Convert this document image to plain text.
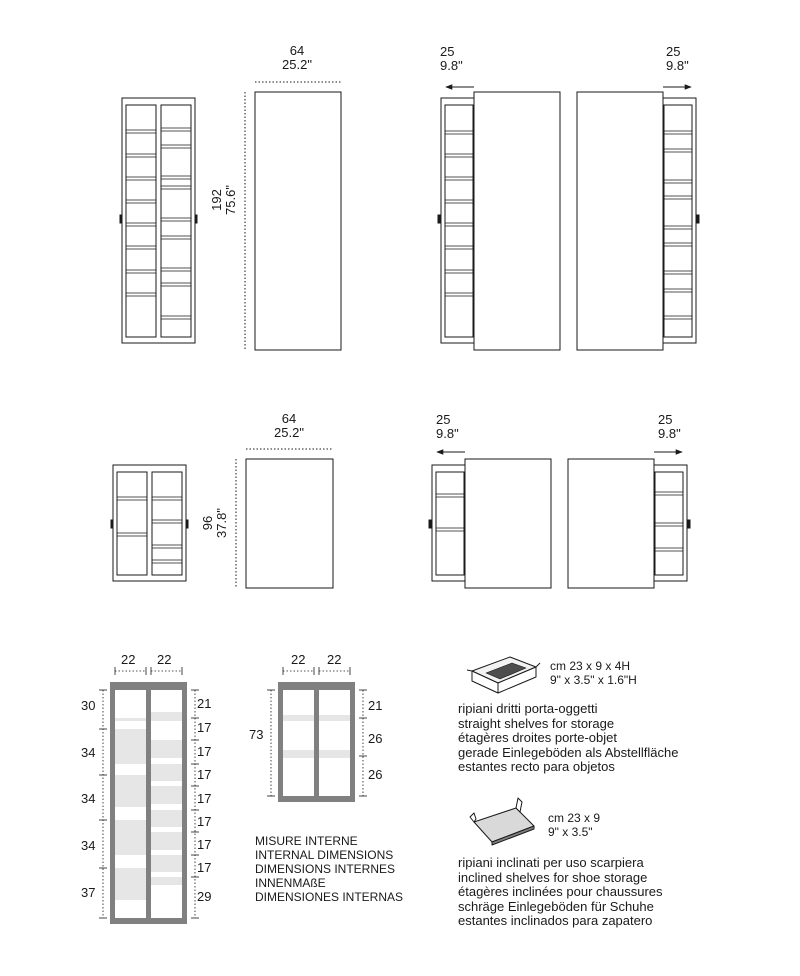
64
25.2"
192 75.6"
25
9.8"
25
9.8"
64
25.2"
96 37.8"
25
9.8"
25
9.8"
22 22
30
34
34
34
37
21
17
17
17
17
17
17
17
29
22 22
73
21
26
26
MISURE INTERNE
INTERNAL DIMENSIONS
DIMENSIONS INTERNES
INNENMAßE
DIMENSIONES INTERNAS
cm 23 x 9 x 4H
9" x 3.5" x 1.6"H
ripiani dritti porta-oggetti
straight shelves for storage
étagères droites porte-objet
gerade Einlegeböden als Abstellfläche
estantes recto para objetos
cm 23 x 9
9" x 3.5"
ripiani inclinati per uso scarpiera
inclined shelves for shoe storage
étagères inclinées pour chaussures
schräge Einlegeböden für Schuhe
estantes inclinados para zapatero
